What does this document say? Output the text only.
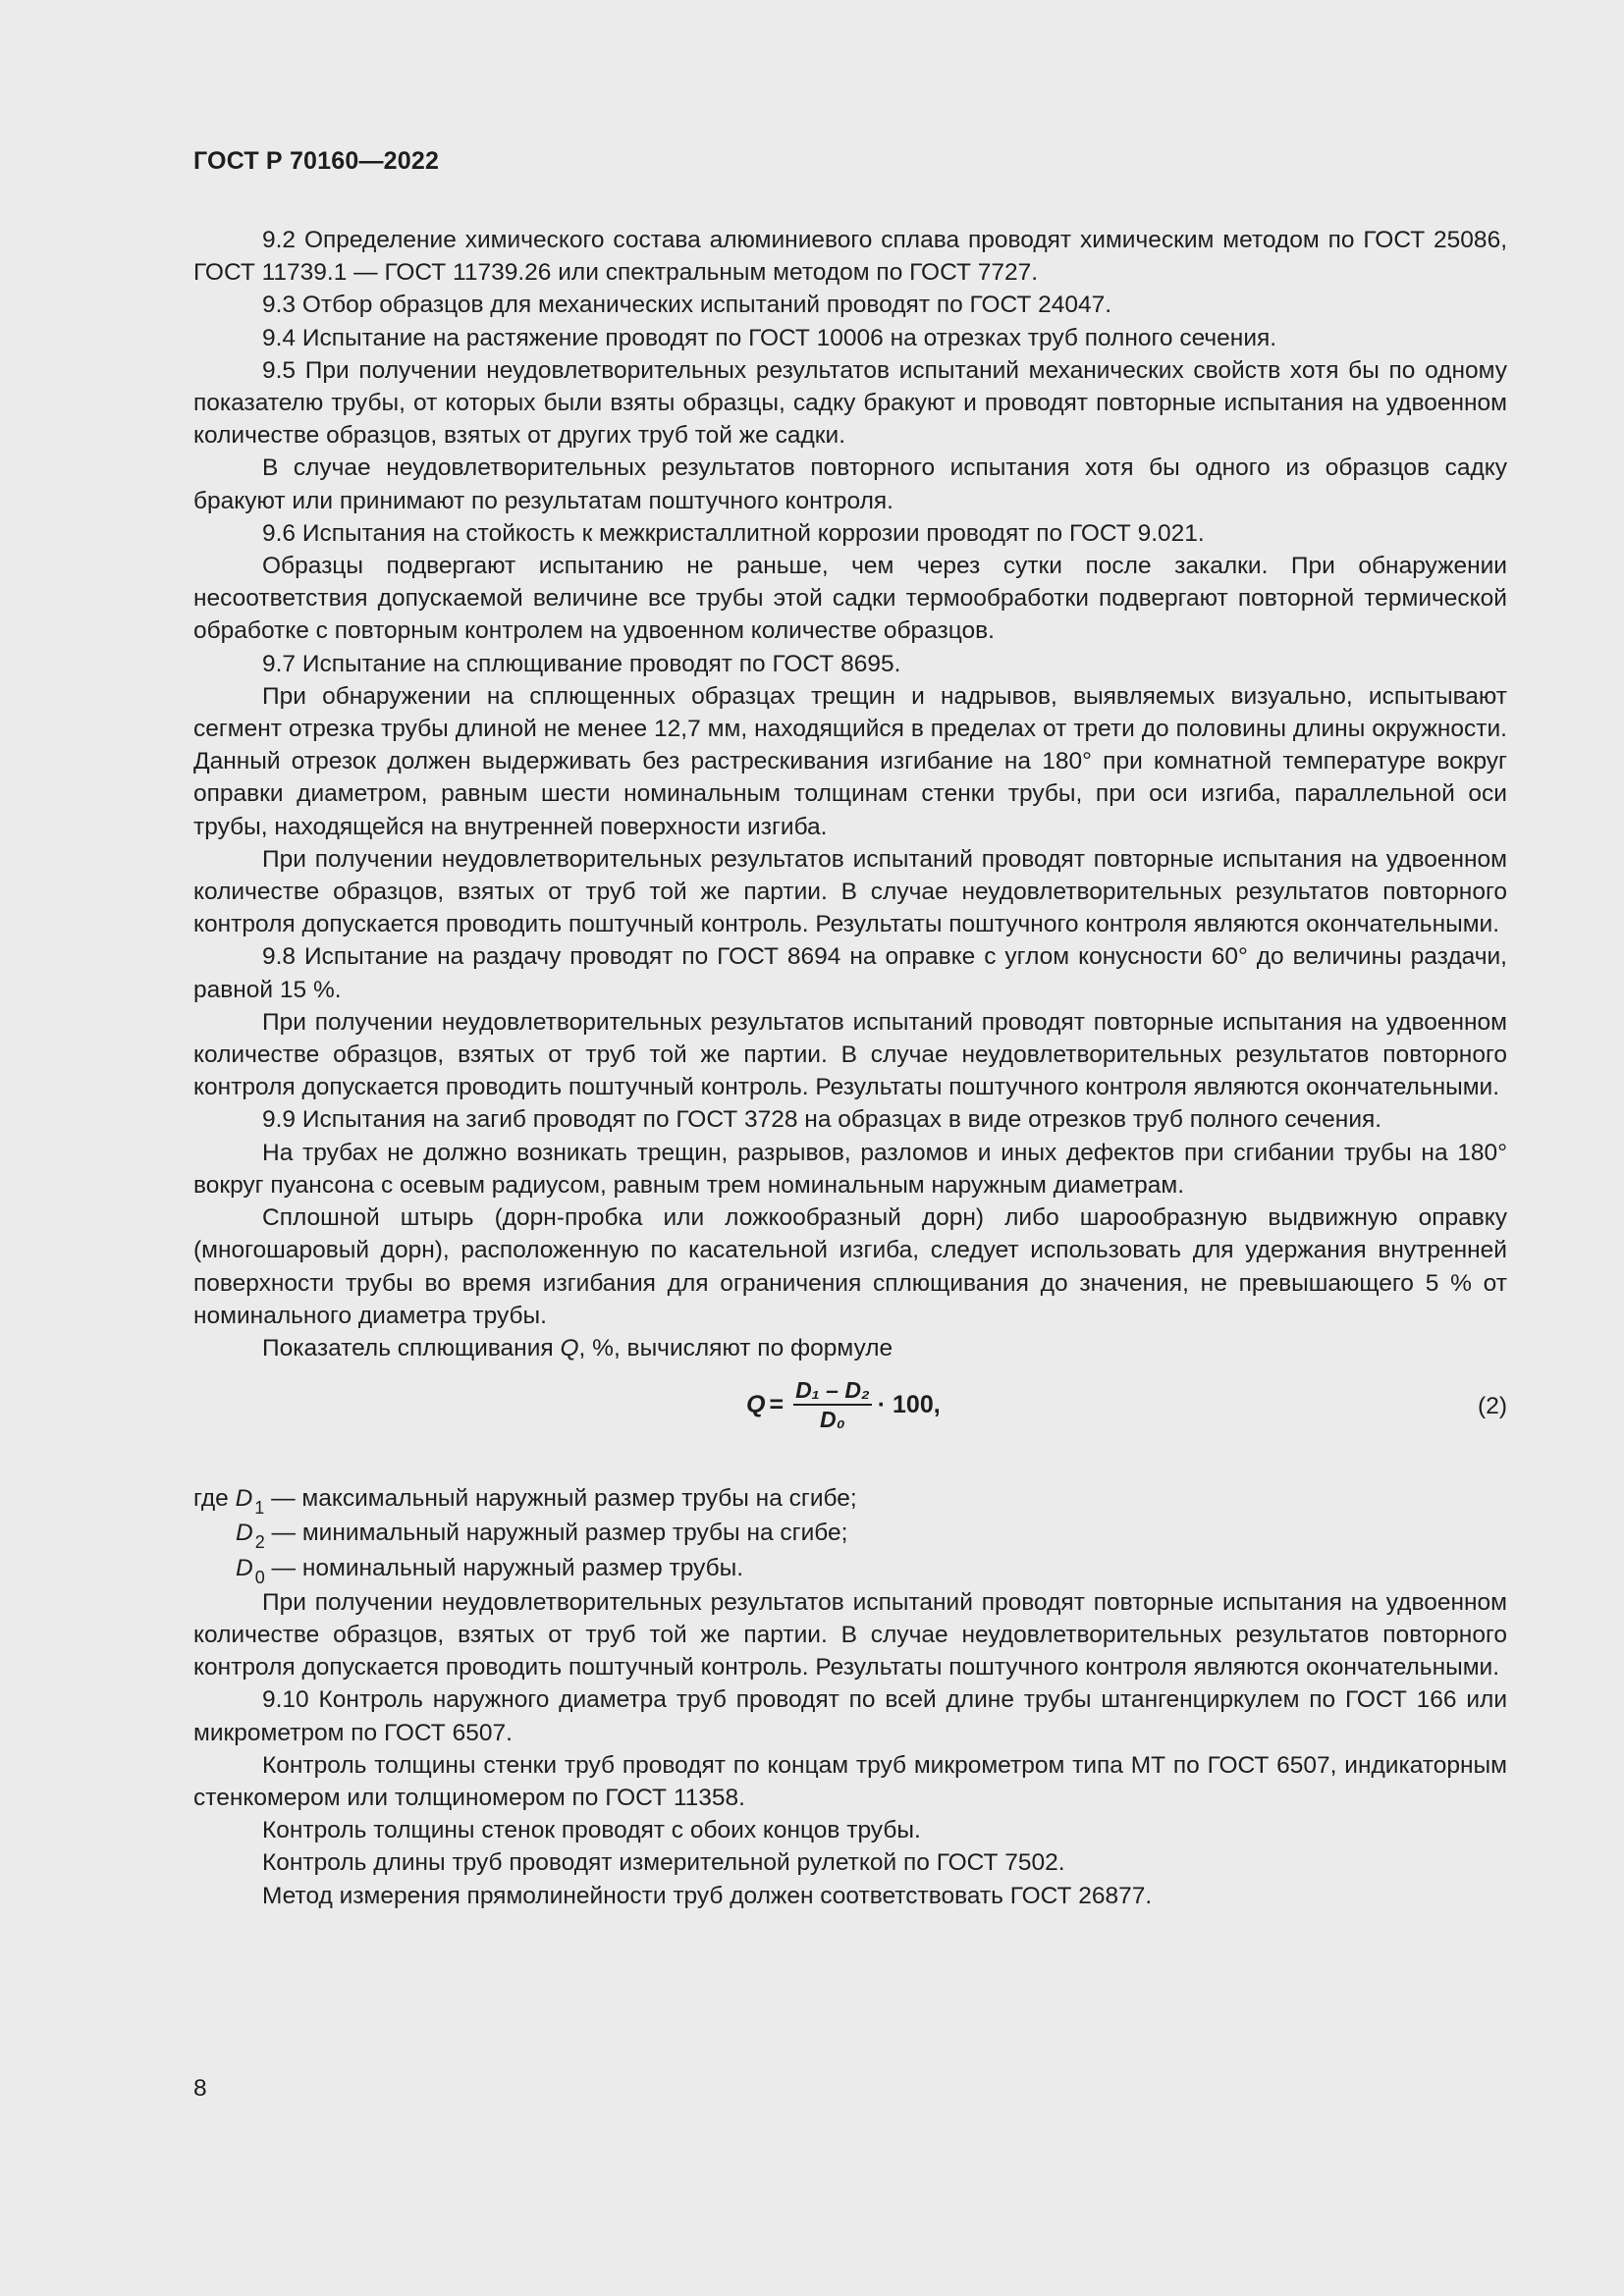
ГОСТ Р 70160—2022

9.2 Определение химического состава алюминиевого сплава проводят химическим методом по ГОСТ 25086, ГОСТ 11739.1 — ГОСТ 11739.26 или спектральным методом по ГОСТ 7727.

9.3 Отбор образцов для механических испытаний проводят по ГОСТ 24047.

9.4 Испытание на растяжение проводят по ГОСТ 10006 на отрезках труб полного сечения.

9.5 При получении неудовлетворительных результатов испытаний механических свойств хотя бы по одному показателю трубы, от которых были взяты образцы, садку бракуют и проводят повторные испытания на удвоенном количестве образцов, взятых от других труб той же садки.

В случае неудовлетворительных результатов повторного испытания хотя бы одного из образцов садку бракуют или принимают по результатам поштучного контроля.

9.6 Испытания на стойкость к межкристаллитной коррозии проводят по ГОСТ 9.021.

Образцы подвергают испытанию не раньше, чем через сутки после закалки. При обнаружении несоответствия допускаемой величине все трубы этой садки термообработки подвергают повторной термической обработке с повторным контролем на удвоенном количестве образцов.

9.7 Испытание на сплющивание проводят по ГОСТ 8695.

При обнаружении на сплющенных образцах трещин и надрывов, выявляемых визуально, испытывают сегмент отрезка трубы длиной не менее 12,7 мм, находящийся в пределах от трети до половины длины окружности. Данный отрезок должен выдерживать без растрескивания изгибание на 180° при комнатной температуре вокруг оправки диаметром, равным шести номинальным толщинам стенки трубы, при оси изгиба, параллельной оси трубы, находящейся на внутренней поверхности изгиба.

При получении неудовлетворительных результатов испытаний проводят повторные испытания на удвоенном количестве образцов, взятых от труб той же партии. В случае неудовлетворительных результатов повторного контроля допускается проводить поштучный контроль. Результаты поштучного контроля являются окончательными.

9.8 Испытание на раздачу проводят по ГОСТ 8694 на оправке с углом конусности 60° до величины раздачи, равной 15 %.

При получении неудовлетворительных результатов испытаний проводят повторные испытания на удвоенном количестве образцов, взятых от труб той же партии. В случае неудовлетворительных результатов повторного контроля допускается проводить поштучный контроль. Результаты поштучного контроля являются окончательными.

9.9 Испытания на загиб проводят по ГОСТ 3728 на образцах в виде отрезков труб полного сечения.

На трубах не должно возникать трещин, разрывов, разломов и иных дефектов при сгибании трубы на 180° вокруг пуансона с осевым радиусом, равным трем номинальным наружным диаметрам.

Сплошной штырь (дорн-пробка или ложкообразный дорн) либо шарообразную выдвижную оправку (многошаровый дорн), расположенную по касательной изгиба, следует использовать для удержания внутренней поверхности трубы во время изгибания для ограничения сплющивания до значения, не превышающего 5 % от номинального диаметра трубы.

Показатель сплющивания Q, %, вычисляют по формуле

$Q = \frac{\text{D₁ – D₂}}{\text{D₀}} \cdot 100$,	(2)

где D $_1$ — максимальный наружный размер трубы на сгибе;

D $_2$ — минимальный наружный размер трубы на сгибе;

D $_0$ — номинальный наружный размер трубы.

При получении неудовлетворительных результатов испытаний проводят повторные испытания на удвоенном количестве образцов, взятых от труб той же партии. В случае неудовлетворительных результатов повторного контроля допускается проводить поштучный контроль. Результаты поштучного контроля являются окончательными.

9.10 Контроль наружного диаметра труб проводят по всей длине трубы штангенциркулем по ГОСТ 166 или микрометром по ГОСТ 6507.

Контроль толщины стенки труб проводят по концам труб микрометром типа МТ по ГОСТ 6507, индикаторным стенкомером или толщиномером по ГОСТ 11358.

Контроль толщины стенок проводят с обоих концов трубы.

Контроль длины труб проводят измерительной рулеткой по ГОСТ 7502.

Метод измерения прямолинейности труб должен соответствовать ГОСТ 26877.

8
